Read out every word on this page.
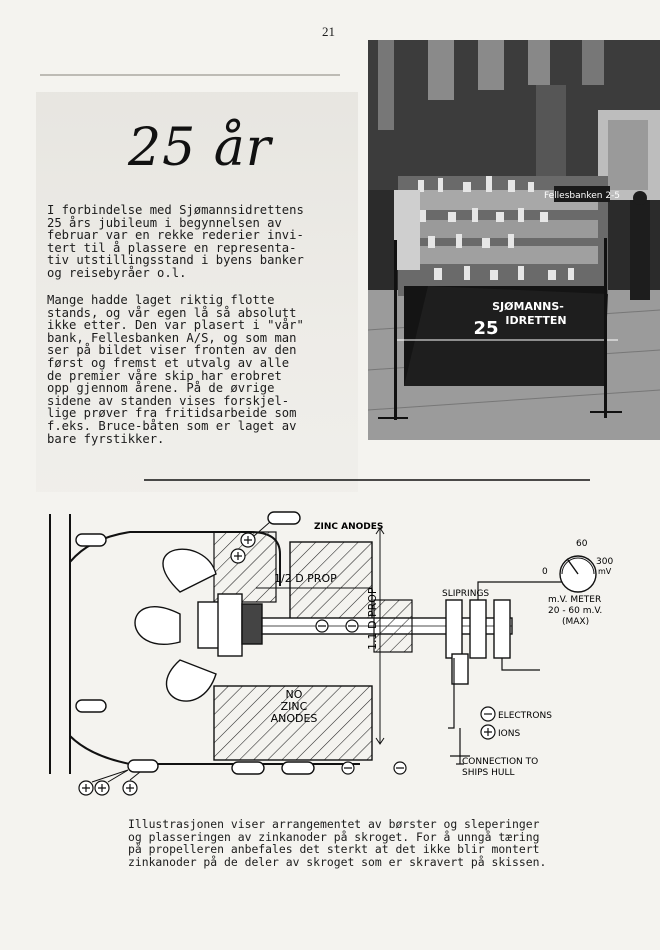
21
25 år
I forbindelse med Sjømannsidrettens
25 års jubileum i begynnelsen av
februar var en rekke rederier invi-
tert til å plassere en representa-
tiv utstillingsstand i byens banker
og reisebyråer o.l.
Mange hadde laget riktig flotte
stands, og vår egen lå så absolutt
ikke etter. Den var plasert i "vår"
bank, Fellesbanken A/S, og som man
ser på bildet viser fronten av den
først og fremst et utvalg av alle
de premier våre skip har erobret
opp gjennom årene. På de øvrige
sidene av standen vises forskjel-
lige prøver fra fritidsarbeide som
f.eks. Bruce-båten som er laget av
bare fyrstikker.
Fellesbanken 2-5
SJØMANNS-
25 IDRETTEN
ZINC ANODES
1/2 D PROP
1.1 D PROP
NO
ZINC
ANODES
SLIPRINGS
0
60
300
mV
m.V. METER
20 - 60 m.V.
(MAX)
ELECTRONS
IONS
CONNECTION TO
SHIPS HULL
Illustrasjonen viser arrangementet av børster og sleperinger
og plasseringen av zinkanoder på skroget. For å unngå tæring
på propelleren anbefales det sterkt at det ikke blir montert
zinkanoder på de deler av skroget som er skravert på skissen.
